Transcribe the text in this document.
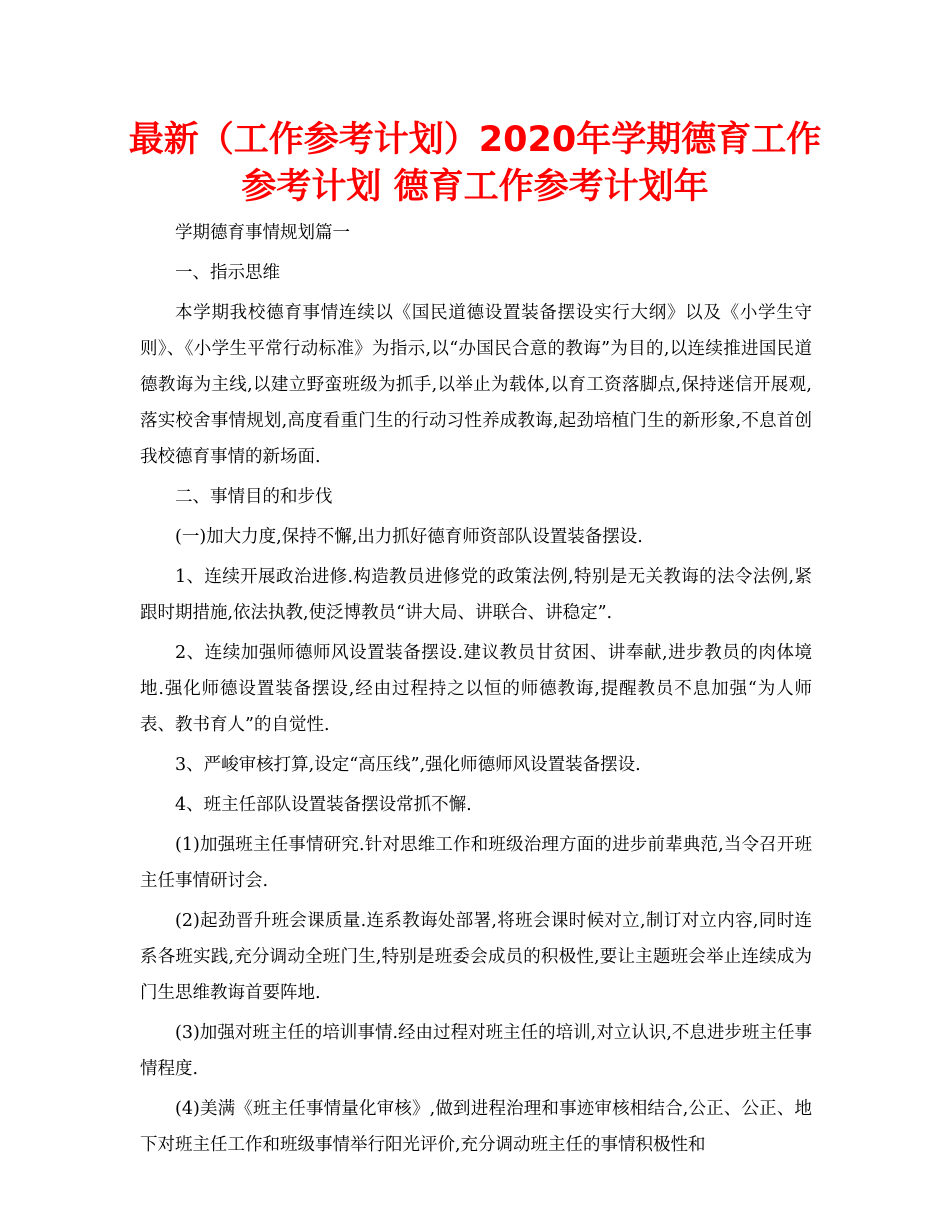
最新（工作参考计划）2020年学期德育工作参考计划 德育工作参考计划年

学期德育事情规划篇一

一、指示思维

本学期我校德育事情连续以《国民道德设置装备摆设实行大纲》以及《小学生守则》、《小学生平常行动标准》为指示,以“办国民合意的教诲”为目的,以连续推进国民道德教诲为主线,以建立野蛮班级为抓手,以举止为载体,以育工资落脚点,保持迷信开展观,落实校舍事情规划,高度看重门生的行动习性养成教诲,起劲培植门生的新形象,不息首创我校德育事情的新场面.

二、事情目的和步伐

(一)加大力度,保持不懈,出力抓好德育师资部队设置装备摆设.

1、连续开展政治进修.构造教员进修党的政策法例,特别是无关教诲的法令法例,紧跟时期措施,依法执教,使泛博教员“讲大局、讲联合、讲稳定”.

2、连续加强师德师风设置装备摆设.建议教员甘贫困、讲奉献,进步教员的肉体境地.强化师德设置装备摆设,经由过程持之以恒的师德教诲,提醒教员不息加强“为人师表、教书育人”的自觉性.

3、严峻审核打算,设定“高压线”,强化师德师风设置装备摆设.

4、班主任部队设置装备摆设常抓不懈.

(1)加强班主任事情研究.针对思维工作和班级治理方面的进步前辈典范,当令召开班主任事情研讨会.

(2)起劲晋升班会课质量.连系教诲处部署,将班会课时候对立,制订对立内容,同时连系各班实践,充分调动全班门生,特别是班委会成员的积极性,要让主题班会举止连续成为门生思维教诲首要阵地.

(3)加强对班主任的培训事情.经由过程对班主任的培训,对立认识,不息进步班主任事情程度.

(4)美满《班主任事情量化审核》,做到进程治理和事迹审核相结合,公正、公正、地下对班主任工作和班级事情举行阳光评价,充分调动班主任的事情积极性和
